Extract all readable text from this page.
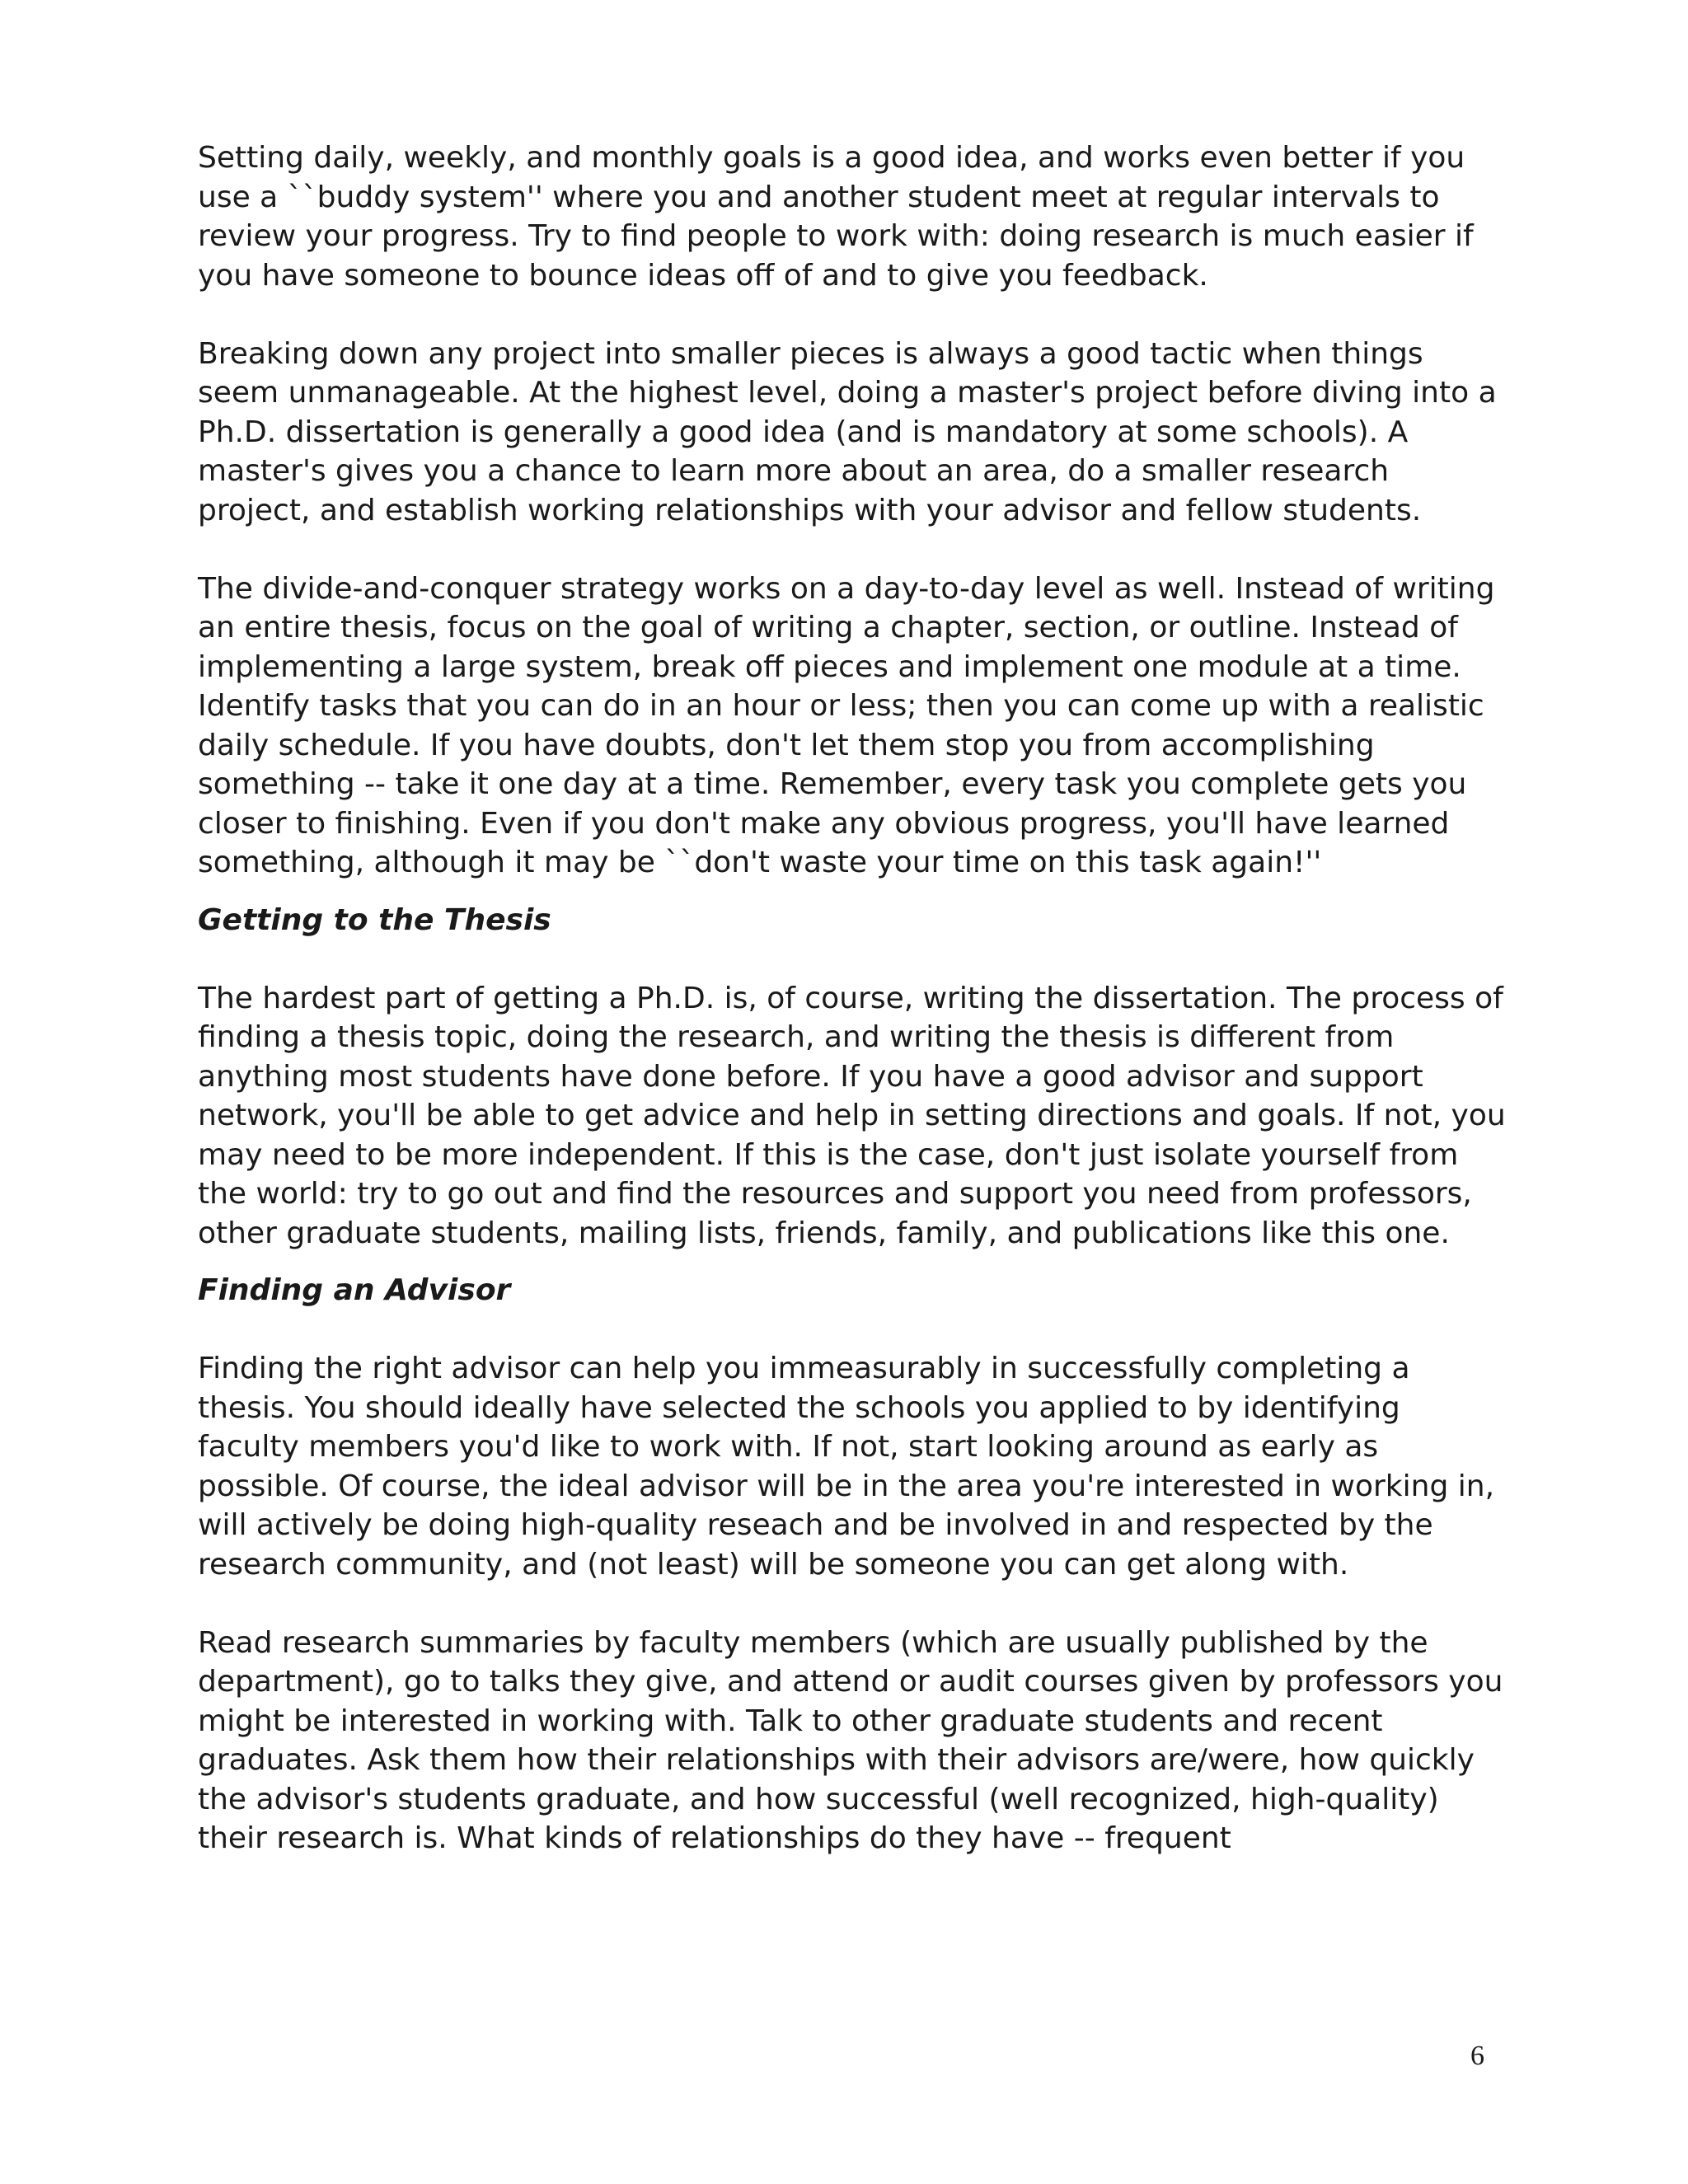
Setting daily, weekly, and monthly goals is a good idea, and works even better if you use a ``buddy system'' where you and another student meet at regular intervals to review your progress. Try to find people to work with: doing research is much easier if you have someone to bounce ideas off of and to give you feedback.

Breaking down any project into smaller pieces is always a good tactic when things seem unmanageable. At the highest level, doing a master's project before diving into a Ph.D. dissertation is generally a good idea (and is mandatory at some schools). A master's gives you a chance to learn more about an area, do a smaller research project, and establish working relationships with your advisor and fellow students.

The divide-and-conquer strategy works on a day-to-day level as well. Instead of writing an entire thesis, focus on the goal of writing a chapter, section, or outline. Instead of implementing a large system, break off pieces and implement one module at a time. Identify tasks that you can do in an hour or less; then you can come up with a realistic daily schedule. If you have doubts, don't let them stop you from accomplishing something -- take it one day at a time. Remember, every task you complete gets you closer to finishing. Even if you don't make any obvious progress, you'll have learned something, although it may be ``don't waste your time on this task again!''

Getting to the Thesis

The hardest part of getting a Ph.D. is, of course, writing the dissertation. The process of finding a thesis topic, doing the research, and writing the thesis is different from anything most students have done before. If you have a good advisor and support network, you'll be able to get advice and help in setting directions and goals. If not, you may need to be more independent. If this is the case, don't just isolate yourself from the world: try to go out and find the resources and support you need from professors, other graduate students, mailing lists, friends, family, and publications like this one.

Finding an Advisor

Finding the right advisor can help you immeasurably in successfully completing a thesis. You should ideally have selected the schools you applied to by identifying faculty members you'd like to work with. If not, start looking around as early as possible. Of course, the ideal advisor will be in the area you're interested in working in, will actively be doing high-quality reseach and be involved in and respected by the research community, and (not least) will be someone you can get along with.

Read research summaries by faculty members (which are usually published by the department), go to talks they give, and attend or audit courses given by professors you might be interested in working with. Talk to other graduate students and recent graduates. Ask them how their relationships with their advisors are/were, how quickly the advisor's students graduate, and how successful (well recognized, high-quality) their research is. What kinds of relationships do they have -- frequent

6
